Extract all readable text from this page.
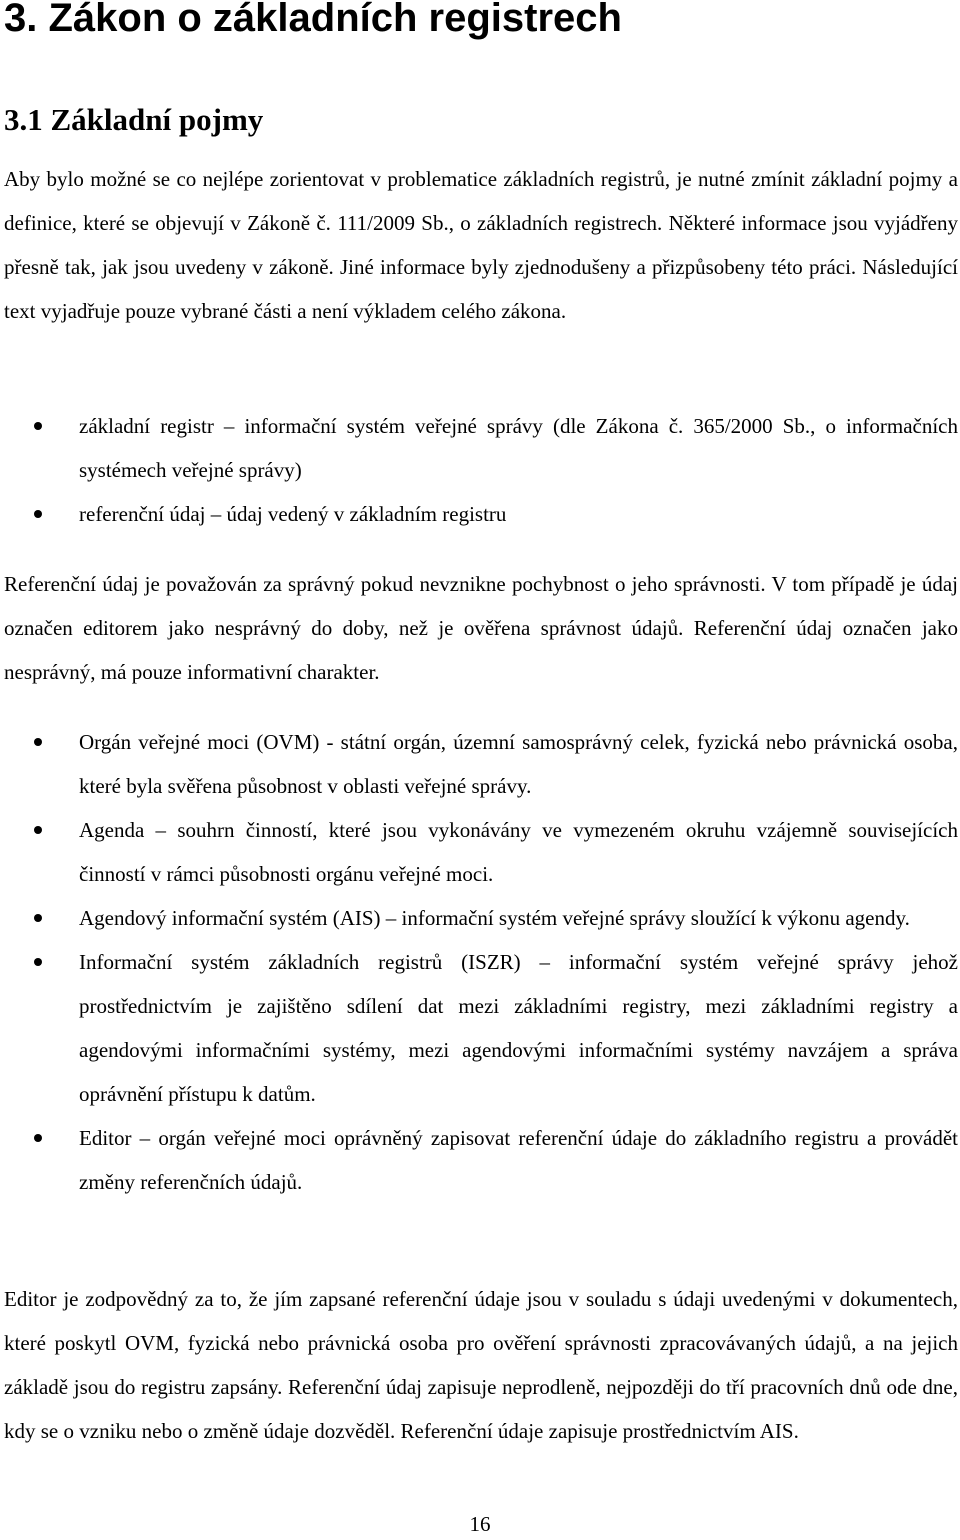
3. Zákon o základních registrech
3.1 Základní pojmy
Aby bylo možné se co nejlépe zorientovat v problematice základních registrů, je nutné zmínit základní pojmy a definice, které se objevují v Zákoně č. 111/2009 Sb., o základních registrech. Některé informace jsou vyjádřeny přesně tak, jak jsou uvedeny v zákoně. Jiné informace byly zjednodušeny a přizpůsobeny této práci. Následující text vyjadřuje pouze vybrané části a není výkladem celého zákona.
základní registr – informační systém veřejné správy (dle Zákona č. 365/2000 Sb., o informačních systémech veřejné správy)
referenční údaj – údaj vedený v základním registru
Referenční údaj je považován za správný pokud nevznikne pochybnost o jeho správnosti. V tom případě je údaj označen editorem jako nesprávný do doby, než je ověřena správnost údajů. Referenční údaj označen jako nesprávný, má pouze informativní charakter.
Orgán veřejné moci (OVM) - státní orgán, územní samosprávný celek, fyzická nebo právnická osoba, které byla svěřena působnost v oblasti veřejné správy.
Agenda – souhrn činností, které jsou vykonávány ve vymezeném okruhu vzájemně souvisejících činností v rámci působnosti orgánu veřejné moci.
Agendový informační systém (AIS) – informační systém veřejné správy sloužící k výkonu agendy.
Informační systém základních registrů (ISZR) – informační systém veřejné správy jehož prostřednictvím je zajištěno sdílení dat mezi základními registry, mezi základními registry a agendovými informačními systémy, mezi agendovými informačními systémy navzájem a správa oprávnění přístupu k datům.
Editor – orgán veřejné moci oprávněný zapisovat referenční údaje do základního registru a provádět změny referenčních údajů.
Editor je zodpovědný za to, že jím zapsané referenční údaje jsou v souladu s údaji uvedenými v dokumentech, které poskytl OVM, fyzická nebo právnická osoba pro ověření správnosti zpracovávaných údajů, a na jejich základě jsou do registru zapsány. Referenční údaj zapisuje neprodleně, nejpozději do tří pracovních dnů ode dne, kdy se o vzniku nebo o změně údaje dozvěděl. Referenční údaje zapisuje prostřednictvím AIS.
16
